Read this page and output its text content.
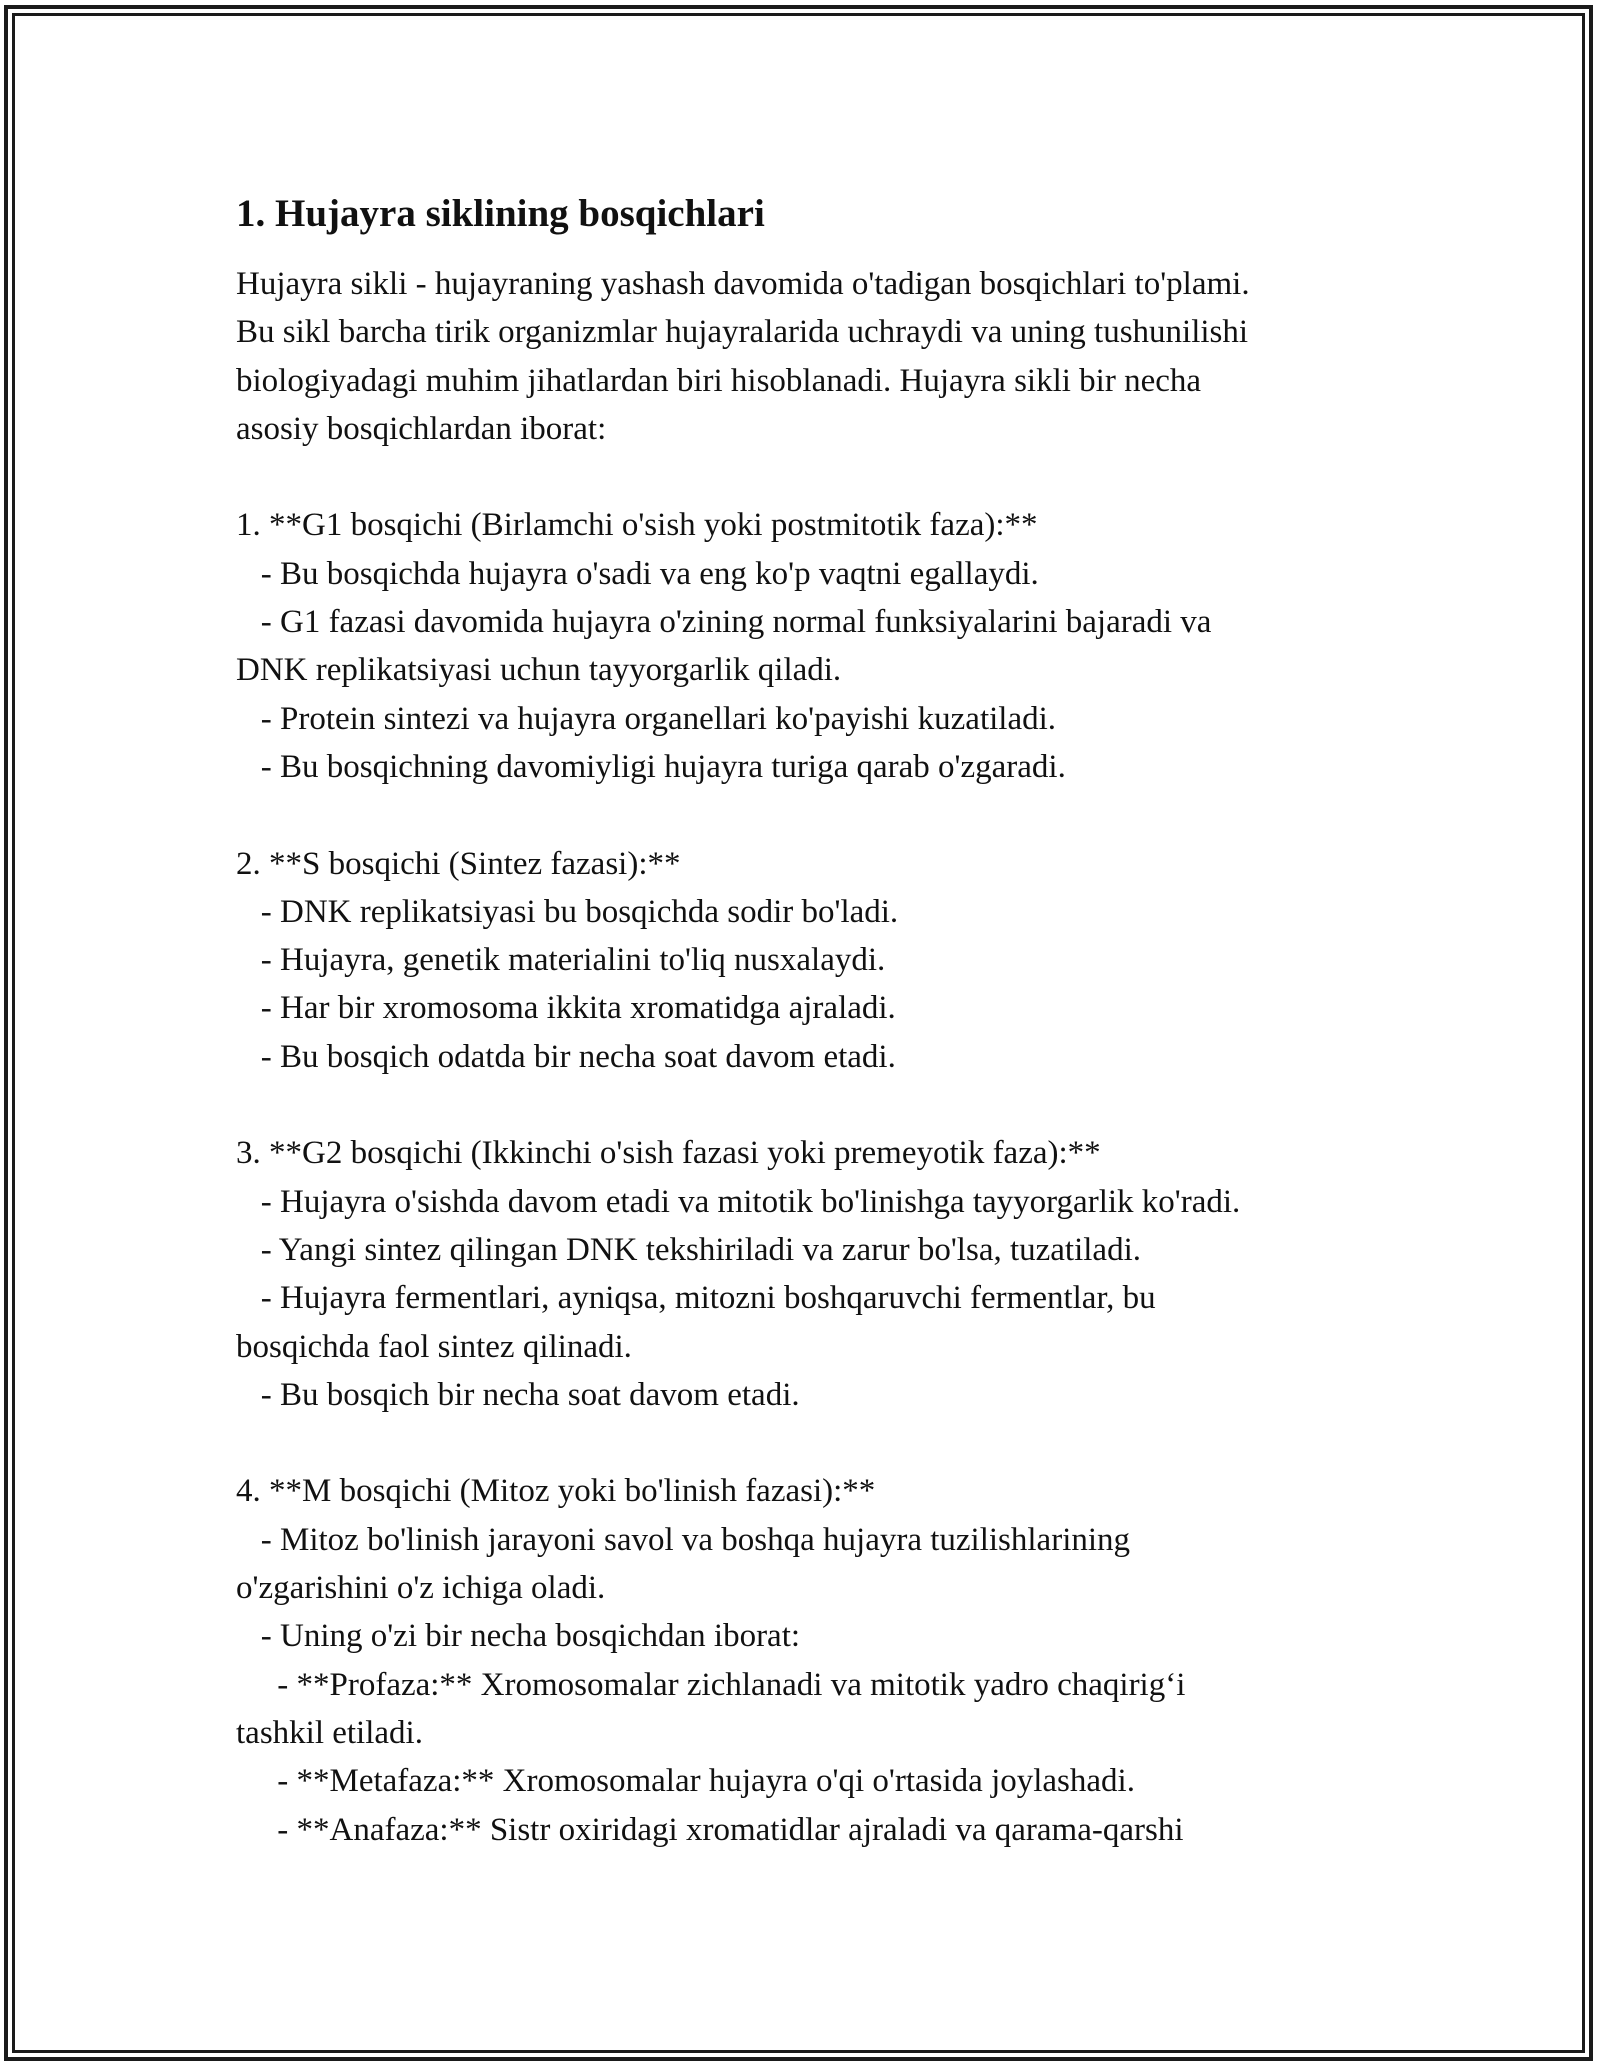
1. Hujayra siklining bosqichlari
Hujayra sikli - hujayraning yashash davomida o'tadigan bosqichlari to'plami.
Bu sikl barcha tirik organizmlar hujayralarida uchraydi va uning tushunilishi
biologiyadagi muhim jihatlardan biri hisoblanadi. Hujayra sikli bir necha
asosiy bosqichlardan iborat:
1. **G1 bosqichi (Birlamchi o'sish yoki postmitotik faza):**
- Bu bosqichda hujayra o'sadi va eng ko'p vaqtni egallaydi.
- G1 fazasi davomida hujayra o'zining normal funksiyalarini bajaradi va
DNK replikatsiyasi uchun tayyorgarlik qiladi.
- Protein sintezi va hujayra organellari ko'payishi kuzatiladi.
- Bu bosqichning davomiyligi hujayra turiga qarab o'zgaradi.
2. **S bosqichi (Sintez fazasi):**
- DNK replikatsiyasi bu bosqichda sodir bo'ladi.
- Hujayra, genetik materialini to'liq nusxalaydi.
- Har bir xromosoma ikkita xromatidga ajraladi.
- Bu bosqich odatda bir necha soat davom etadi.
3. **G2 bosqichi (Ikkinchi o'sish fazasi yoki premeyotik faza):**
- Hujayra o'sishda davom etadi va mitotik bo'linishga tayyorgarlik ko'radi.
- Yangi sintez qilingan DNK tekshiriladi va zarur bo'lsa, tuzatiladi.
- Hujayra fermentlari, ayniqsa, mitozni boshqaruvchi fermentlar, bu
bosqichda faol sintez qilinadi.
- Bu bosqich bir necha soat davom etadi.
4. **M bosqichi (Mitoz yoki bo'linish fazasi):**
- Mitoz bo'linish jarayoni savol va boshqa hujayra tuzilishlarining
o'zgarishini o'z ichiga oladi.
- Uning o'zi bir necha bosqichdan iborat:
- **Profaza:** Xromosomalar zichlanadi va mitotik yadro chaqirig‘i
tashkil etiladi.
- **Metafaza:** Xromosomalar hujayra o'qi o'rtasida joylashadi.
- **Anafaza:** Sistr oxiridagi xromatidlar ajraladi va qarama-qarshi
